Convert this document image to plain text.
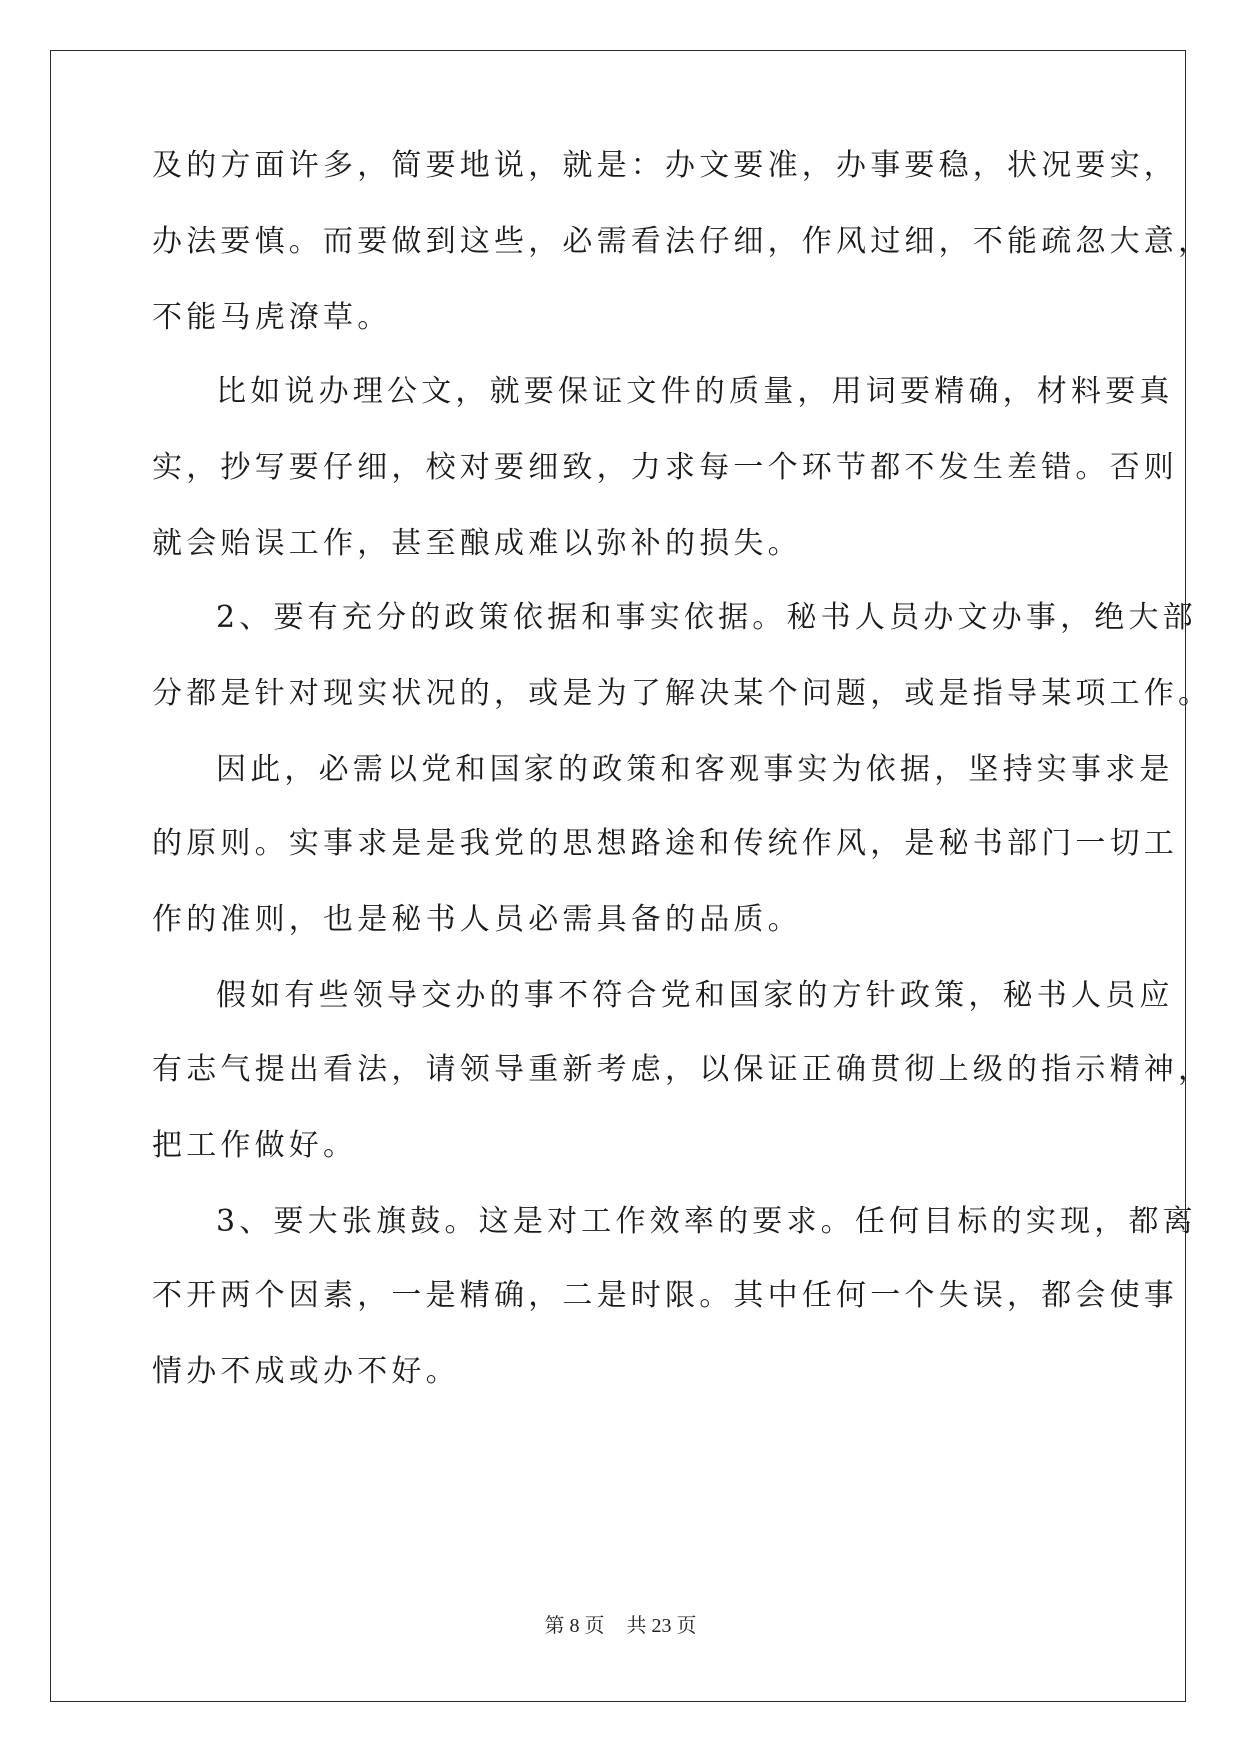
及的方面许多，简要地说，就是：办文要准，办事要稳，状况要实，
办法要慎。而要做到这些，必需看法仔细，作风过细，不能疏忽大意，
不能马虎潦草。
比如说办理公文，就要保证文件的质量，用词要精确，材料要真
实，抄写要仔细，校对要细致，力求每一个环节都不发生差错。否则
就会贻误工作，甚至酿成难以弥补的损失。
2、要有充分的政策依据和事实依据。秘书人员办文办事，绝大部
分都是针对现实状况的，或是为了解决某个问题，或是指导某项工作。
因此，必需以党和国家的政策和客观事实为依据，坚持实事求是
的原则。实事求是是我党的思想路途和传统作风，是秘书部门一切工
作的准则，也是秘书人员必需具备的品质。
假如有些领导交办的事不符合党和国家的方针政策，秘书人员应
有志气提出看法，请领导重新考虑，以保证正确贯彻上级的指示精神，
把工作做好。
3、要大张旗鼓。这是对工作效率的要求。任何目标的实现，都离
不开两个因素，一是精确，二是时限。其中任何一个失误，都会使事
情办不成或办不好。
第 8 页 共 23 页
